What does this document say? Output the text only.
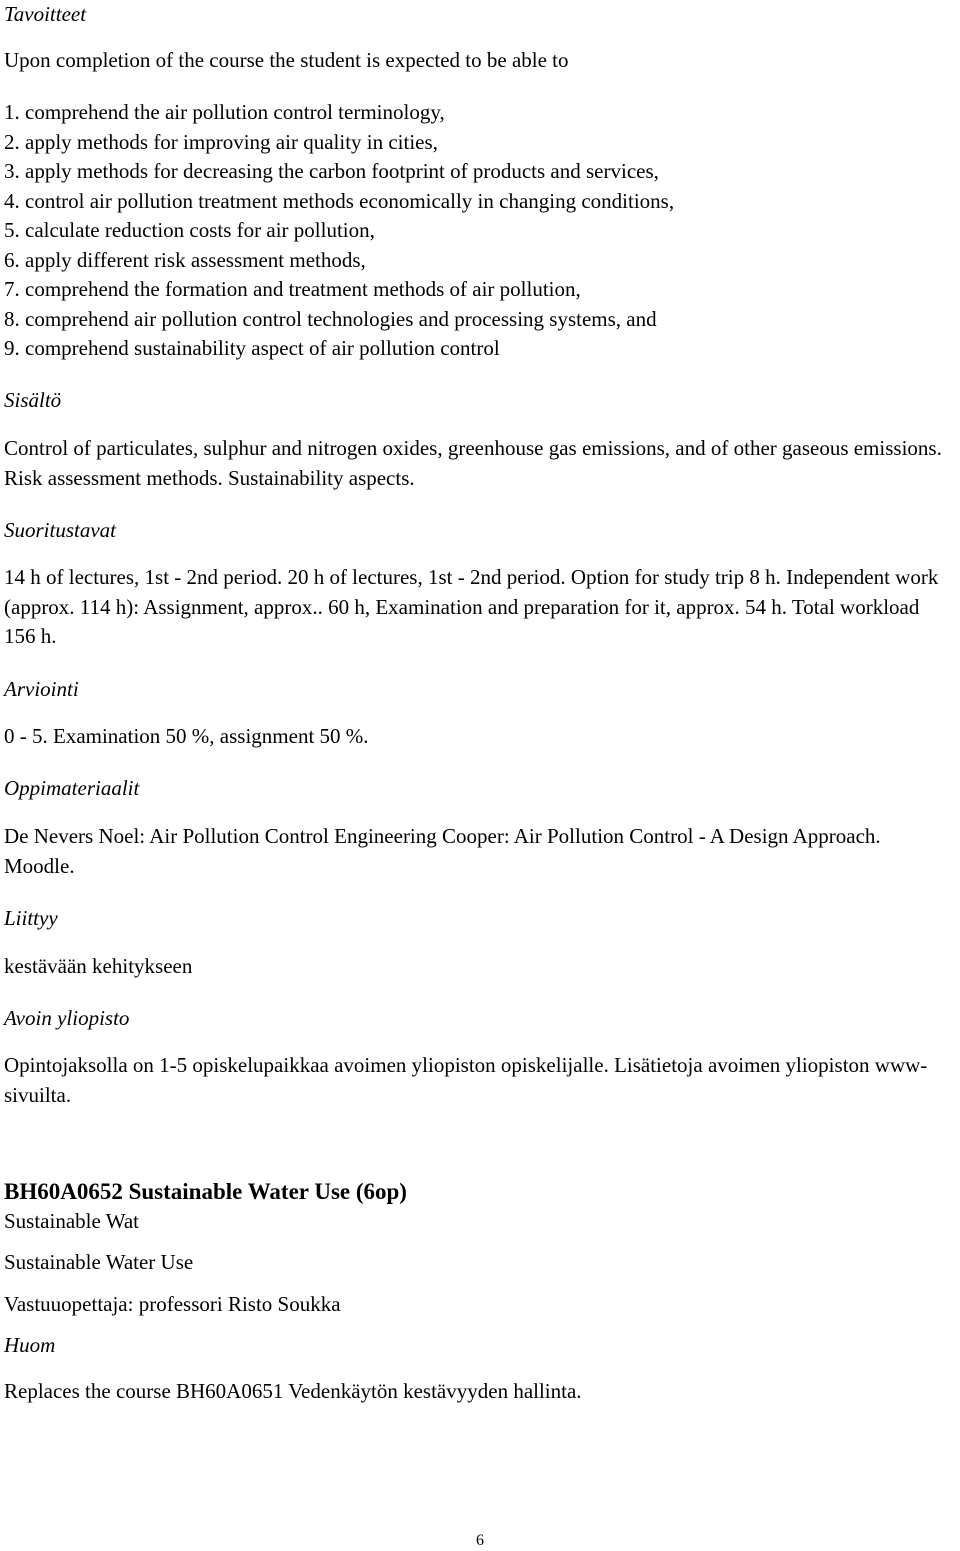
Tavoitteet
Upon completion of the course the student is expected to be able to
1. comprehend the air pollution control terminology,
2. apply methods for improving air quality in cities,
3. apply methods for decreasing the carbon footprint of products and services,
4. control air pollution treatment methods economically in changing conditions,
5. calculate reduction costs for air pollution,
6. apply different risk assessment methods,
7. comprehend the formation and treatment methods of air pollution,
8. comprehend air pollution control technologies and processing systems, and
9. comprehend sustainability aspect of air pollution control
Sisältö

Control of particulates, sulphur and nitrogen oxides, greenhouse gas emissions, and of other gaseous emissions. Risk assessment methods. Sustainability aspects.

Suoritustavat

14 h of lectures, 1st - 2nd period. 20 h of lectures, 1st - 2nd period. Option for study trip 8 h. Independent work (approx. 114 h): Assignment, approx.. 60 h, Examination and preparation for it, approx. 54 h. Total workload 156 h.

Arviointi
0 - 5. Examination 50 %, assignment 50 %.
Oppimateriaalit

De Nevers Noel: Air Pollution Control Engineering Cooper: Air Pollution Control - A Design Approach. Moodle.

Liittyy
kestävään kehitykseen
Avoin yliopisto

Opintojaksolla on 1-5 opiskelupaikkaa avoimen yliopiston opiskelijalle. Lisätietoja avoimen yliopiston www-sivuilta.

BH60A0652 Sustainable Water Use (6op)
Sustainable Wat
Sustainable Water Use
Vastuuopettaja: professori Risto Soukka
Huom
Replaces the course BH60A0651 Vedenkäytön kestävyyden hallinta.
6
